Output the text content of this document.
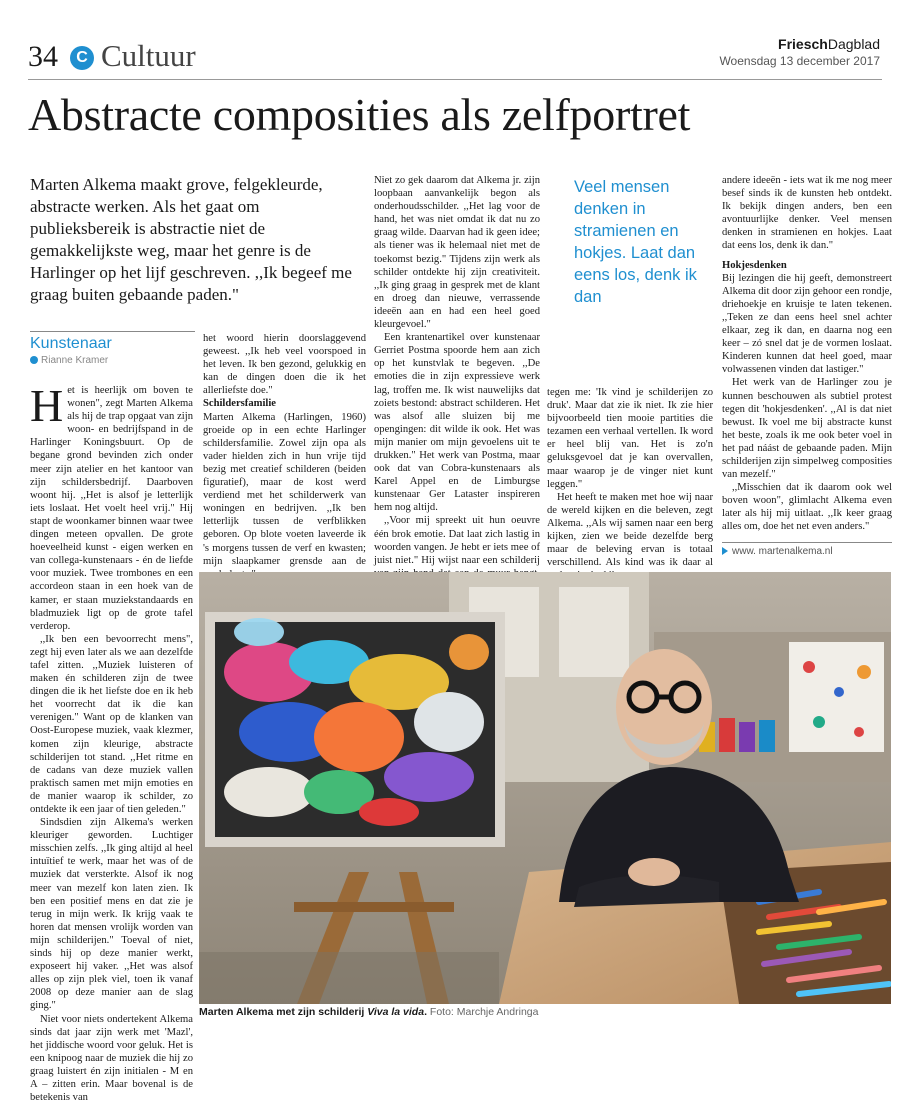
34	C Cultuur	FrieschDagblad
Woensdag 13 december 2017
Abstracte composities als zelfportret
Marten Alkema maakt grove, felgekleurde, abstracte werken. Als het gaat om publieksbereik is abstractie niet de gemakkelijkste weg, maar het genre is de Harlinger op het lijf geschreven. ,,Ik begeef me graag buiten gebaande paden."
Kunstenaar
Rianne Kramer

Het is heerlijk om boven te wonen", zegt Marten Alkema als hij de trap opgaat van zijn woon- en bedrijfspand in de Harlinger Koningsbuurt. Op de begane grond bevinden zich onder meer zijn atelier en het kantoor van zijn schildersbedrijf. Daarboven woont hij. ,,Het is alsof je letterlijk iets loslaat. Het voelt heel vrij." Hij stapt de woonkamer binnen waar twee dingen meteen opvallen. De grote hoeveelheid kunst - eigen werken en van collega-kunstenaars - én de liefde voor muziek. Twee trombones en een accordeon staan in een hoek van de kamer, er staan muziekstandaards en bladmuziek ligt op de grote tafel verderop.

,,Ik ben een bevoorrecht mens", zegt hij even later als we aan dezelfde tafel zitten. ,,Muziek luisteren of maken én schilderen zijn de twee dingen die ik het liefste doe en ik heb het voorrecht dat ik die kan verenigen." Want op de klanken van Oost-Europese muziek, vaak klezmer, komen zijn kleurige, abstracte schilderijen tot stand. ,,Het ritme en de cadans van deze muziek vallen praktisch samen met mijn emoties en de manier waarop ik schilder, zo ontdekte ik een jaar of tien geleden."

Sindsdien zijn Alkema's werken kleuriger geworden. Luchtiger misschien zelfs. ,,Ik ging altijd al heel intuïtief te werk, maar het was of de muziek dat versterkte. Alsof ik nog meer van mezelf kon laten zien. Ik ben een positief mens en dat zie je terug in mijn werk. Ik krijg vaak te horen dat mensen vrolijk worden van mijn schilderijen." Toeval of niet, sinds hij op deze manier werkt, exposeert hij vaker. ,,Het was alsof alles op zijn plek viel, toen ik vanaf 2008 op deze manier aan de slag ging."

Niet voor niets ondertekent Alkema sinds dat jaar zijn werk met 'Mazl', het jiddische woord voor geluk. Het is een knipoog naar de muziek die hij zo graag luistert én zijn initialen - M en A – zitten erin. Maar bovenal is de betekenis van

het woord hierin doorslaggevend geweest. ,,Ik heb veel voorspoed in het leven. Ik ben gezond, gelukkig en kan de dingen doen die ik het allerliefste doe."

Schildersfamilie

Marten Alkema (Harlingen, 1960) groeide op in een echte Harlinger schildersfamilie. Zowel zijn opa als vader hielden zich in hun vrije tijd bezig met creatief schilderen (beiden figuratief), maar de kost werd verdiend met het schilderwerk van woningen en bedrijven. ,,Ik ben letterlijk tussen de verfblikken geboren. Op blote voeten laveerde ik 's morgens tussen de verf en kwasten; mijn slaapkamer grensde aan de

Niet zo gek daarom dat Alkema jr. zijn loopbaan aanvankelijk begon als onderhoudsschilder. ,,Het lag voor de hand, het was niet omdat ik dat nu zo graag wilde. Daarvan had ik geen idee; als tiener was ik helemaal niet met de toekomst bezig." Tijdens zijn werk als schilder ontdekte hij zijn creativiteit. ,,Ik ging graag in gesprek met de klant en droeg dan nieuwe, verrassende ideeën aan en had een heel goed kleurgevoel."

Een krantenartikel over kunstenaar Gerriet Postma spoorde hem aan zich op het kunstvlak te begeven. ,,De emoties die in zijn expressieve werk lag, troffen me. Ik wist nauwelijks dat zoiets bestond: abstract schilderen. Het was alsof alle sluizen bij me opengingen: dit wilde ik ook. Het was mijn manier om mijn gevoelens uit te drukken." Het werk van Postma, maar ook dat van Cobra-kunstenaars als Karel Appel en de Limburgse kunstenaar Ger Lataster inspireren hem nog altijd.

,,Voor mij spreekt uit hun oeuvre één brok emotie. Dat laat zich lastig in woorden vangen. Je hebt er iets mee of juist niet." Hij wijst naar een schilderij

Veel mensen denken in stramienen en hokjes. Laat dan eens los, denk ik dan

tegen me: 'Ik vind je schilderijen zo druk'. Maar dat zie ik niet. Ik zie hier bijvoorbeeld tien mooie partities die tezamen een verhaal vertellen. Ik word er heel blij van. Het is zo'n geluksgevoel dat je kan overvallen, maar waarop je de vinger niet kunt leggen."

Het heeft te maken met hoe wij naar de wereld kijken en die beleven, zegt Alkema. ,,Als wij samen naar een berg kijken, zien we beide dezelfde berg maar de beleving ervan is totaal verschillend. Als kind was ik daar al

andere ideeën - iets wat ik me nog meer besef sinds ik de kunsten heb ontdekt. Ik bekijk dingen anders, ben een avontuurlijke denker. Veel mensen denken in stramienen en hokjes. Laat dat eens los, denk ik dan."

Hokjesdenken

Bij lezingen die hij geeft, demonstreert Alkema dit door zijn gehoor een rondje, driehoekje en kruisje te laten tekenen. ,,Teken ze dan eens heel snel achter elkaar, zeg ik dan, en daarna nog een keer – zó snel dat je de vormen loslaat. Kinderen kunnen dat heel goed, maar volwassenen vinden dat lastiger."

Het werk van de Harlinger zou je kunnen beschouwen als subtiel protest tegen dit 'hokjesdenken'. ,,Al is dat niet bewust. Ik voel me bij abstracte kunst het beste, zoals ik me ook beter voel in het pad náást de gebaande paden. Mijn schilderijen zijn simpelweg composities van mezelf."

,,Misschien dat ik daarom ook wel boven woon", glimlacht Alkema even later als hij mij uitlaat. ,,Ik keer graag alles om, doe het net even anders."

www. martenalkema.nl
Marten Alkema met zijn schilderij Viva la vida. Foto: Marchje Andringa
